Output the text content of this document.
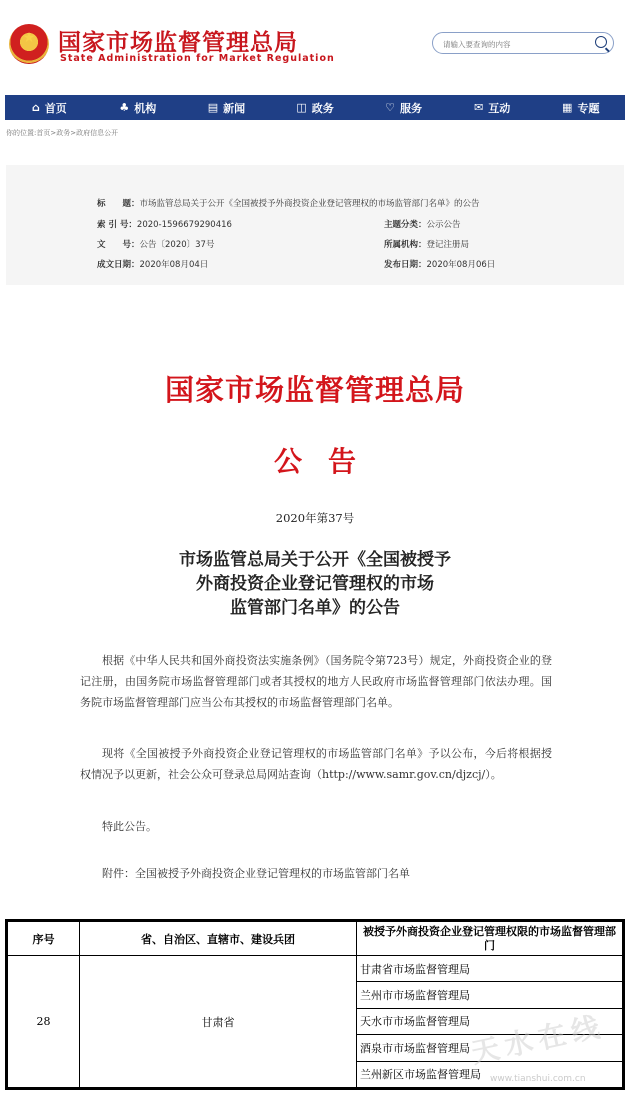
★ 国家市场监督管理总局
State Administration for Market Regulation
请输入要查询的内容
⌂ 首页	♣ 机构	▤ 新闻	◫ 政务	♡ 服务	✉ 互动	▦ 专题
你的位置:首页>政务>政府信息公开
标　　题：市场监管总局关于公开《全国被授予外商投资企业登记管理权的市场监管部门名单》的公告
索 引 号：2020-1596679290416	主题分类：公示公告
文　　号：公告〔2020〕37号	所属机构：登记注册局
成文日期：2020年08月04日	发布日期：2020年08月06日
国家市场监督管理总局
公告
2020年第37号
市场监管总局关于公开《全国被授予
外商投资企业登记管理权的市场
监管部门名单》的公告
根据《中华人民共和国外商投资法实施条例》（国务院令第723号）规定，外商投资企业的登记注册，由国务院市场监督管理部门或者其授权的地方人民政府市场监督管理部门依法办理。国务院市场监督管理部门应当公布其授权的市场监督管理部门名单。
现将《全国被授予外商投资企业登记管理权的市场监管部门名单》予以公布，今后将根据授权情况予以更新，社会公众可登录总局网站查询（http://www.samr.gov.cn/djzcj/）。
特此公告。
附件：全国被授予外商投资企业登记管理权的市场监管部门名单
序号	省、自治区、直辖市、建设兵团	被授予外商投资企业登记管理权限的市场监督管理部门
28	甘肃省	甘肃省市场监督管理局
		兰州市市场监督管理局
		天水市市场监督管理局
		酒泉市市场监督管理局
		兰州新区市场监督管理局
天水在线
www.tianshui.com.cn
